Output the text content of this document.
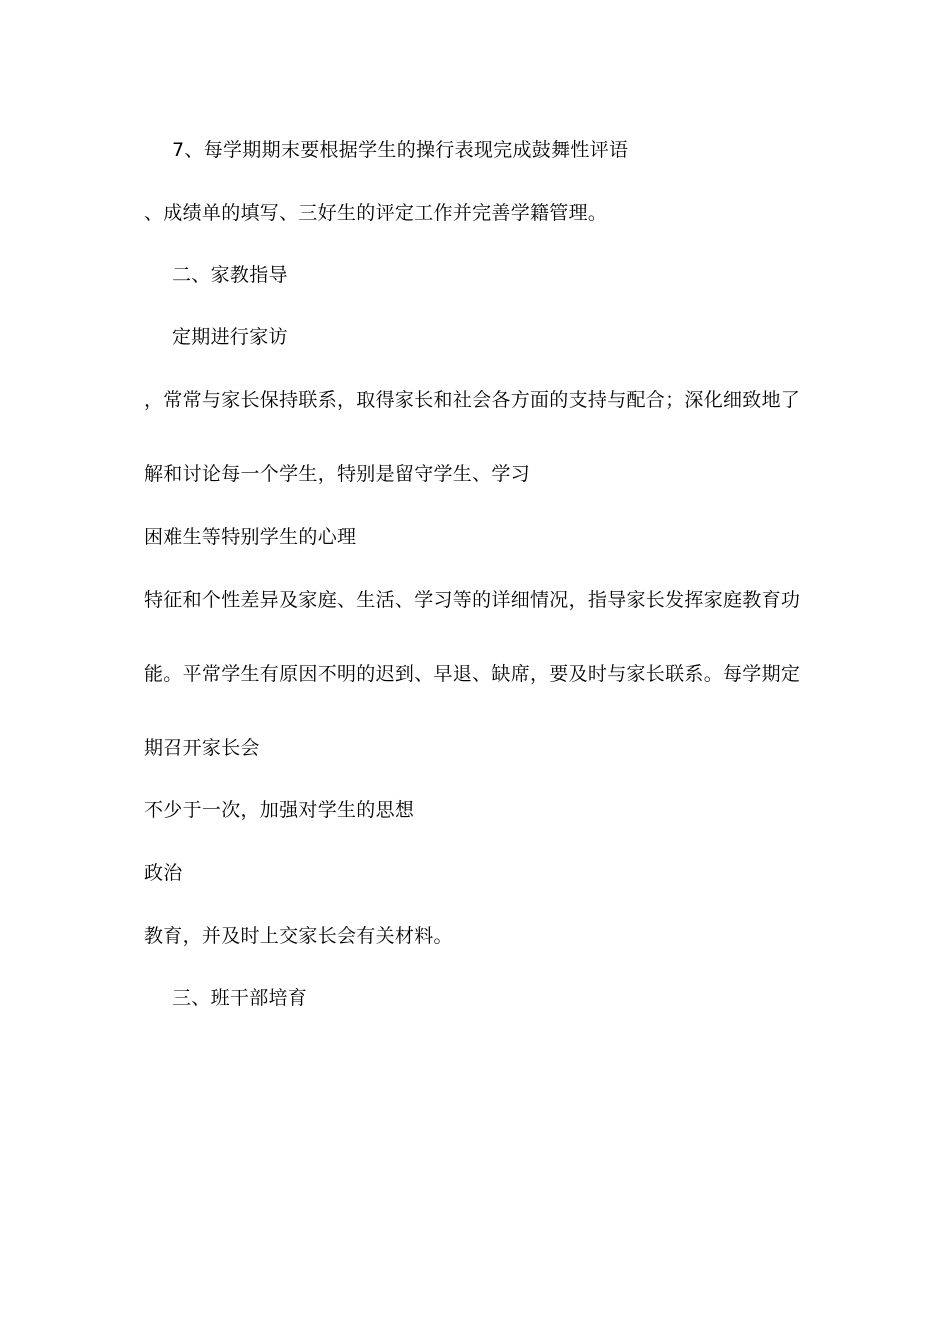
7、每学期期末要根据学生的操行表现完成鼓舞性评语
、成绩单的填写、三好生的评定工作并完善学籍管理。
二、家教指导
定期进行家访
，常常与家长保持联系，取得家长和社会各方面的支持与配合；深化细致地了
解和讨论每一个学生，特别是留守学生、学习
困难生等特别学生的心理
特征和个性差异及家庭、生活、学习等的详细情况，指导家长发挥家庭教育功
能。平常学生有原因不明的迟到、早退、缺席，要及时与家长联系。每学期定
期召开家长会
不少于一次，加强对学生的思想
政治
教育，并及时上交家长会有关材料。
三、班干部培育
